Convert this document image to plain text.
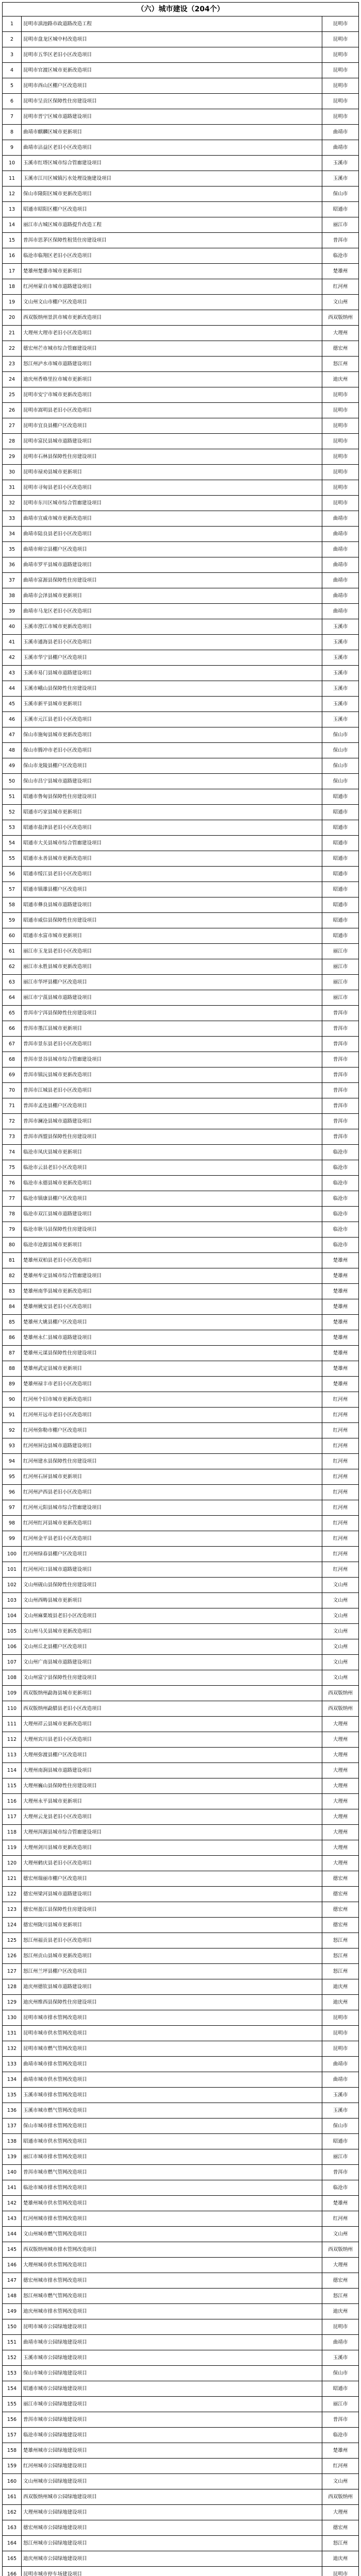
（六）城市建设（204个）
1	昆明市滇池路市政道路改造工程	昆明市
2	昆明市盘龙区城中村改造项目	昆明市
3	昆明市五华区老旧小区改造项目	昆明市
4	昆明市官渡区城市更新改造项目	昆明市
5	昆明市西山区棚户区改造项目	昆明市
6	昆明市呈贡区保障性住房建设项目	昆明市
7	昆明市晋宁区城市道路建设项目	昆明市
8	曲靖市麒麟区城市更新项目	曲靖市
9	曲靖市沾益区老旧小区改造项目	曲靖市
10	玉溪市红塔区城市综合管廊建设项目	玉溪市
11	玉溪市江川区城镇污水处理设施建设项目	玉溪市
12	保山市隆阳区城市更新改造项目	保山市
13	昭通市昭阳区棚户区改造项目	昭通市
14	丽江市古城区城市道路提升改造工程	丽江市
15	普洱市思茅区保障性租赁住房建设项目	普洱市
16	临沧市临翔区老旧小区改造项目	临沧市
17	楚雄州楚雄市城市更新项目	楚雄州
18	红河州蒙自市城市道路建设项目	红河州
19	文山州文山市棚户区改造项目	文山州
20	西双版纳州景洪市城市更新改造项目	西双版纳州
21	大理州大理市老旧小区改造项目	大理州
22	德宏州芒市城市综合管廊建设项目	德宏州
23	怒江州泸水市城市道路建设项目	怒江州
24	迪庆州香格里拉市城市更新项目	迪庆州
25	昆明市安宁市城市更新改造项目	昆明市
26	昆明市嵩明县老旧小区改造项目	昆明市
27	昆明市宜良县棚户区改造项目	昆明市
28	昆明市富民县城市道路建设项目	昆明市
29	昆明市石林县保障性住房建设项目	昆明市
30	昆明市禄劝县城市更新项目	昆明市
31	昆明市寻甸县老旧小区改造项目	昆明市
32	昆明市东川区城市综合管廊建设项目	昆明市
33	曲靖市宣威市城市更新改造项目	曲靖市
34	曲靖市陆良县老旧小区改造项目	曲靖市
35	曲靖市师宗县棚户区改造项目	曲靖市
36	曲靖市罗平县城市道路建设项目	曲靖市
37	曲靖市富源县保障性住房建设项目	曲靖市
38	曲靖市会泽县城市更新项目	曲靖市
39	曲靖市马龙区老旧小区改造项目	曲靖市
40	玉溪市澄江市城市更新改造项目	玉溪市
41	玉溪市通海县老旧小区改造项目	玉溪市
42	玉溪市华宁县棚户区改造项目	玉溪市
43	玉溪市易门县城市道路建设项目	玉溪市
44	玉溪市峨山县保障性住房建设项目	玉溪市
45	玉溪市新平县城市更新项目	玉溪市
46	玉溪市元江县老旧小区改造项目	玉溪市
47	保山市施甸县城市更新改造项目	保山市
48	保山市腾冲市老旧小区改造项目	保山市
49	保山市龙陵县棚户区改造项目	保山市
50	保山市昌宁县城市道路建设项目	保山市
51	昭通市鲁甸县保障性住房建设项目	昭通市
52	昭通市巧家县城市更新项目	昭通市
53	昭通市盐津县老旧小区改造项目	昭通市
54	昭通市大关县城市综合管廊建设项目	昭通市
55	昭通市永善县城市更新改造项目	昭通市
56	昭通市绥江县老旧小区改造项目	昭通市
57	昭通市镇雄县棚户区改造项目	昭通市
58	昭通市彝良县城市道路建设项目	昭通市
59	昭通市威信县保障性住房建设项目	昭通市
60	昭通市水富市城市更新项目	昭通市
61	丽江市玉龙县老旧小区改造项目	丽江市
62	丽江市永胜县城市更新改造项目	丽江市
63	丽江市华坪县棚户区改造项目	丽江市
64	丽江市宁蒗县城市道路建设项目	丽江市
65	普洱市宁洱县保障性住房建设项目	普洱市
66	普洱市墨江县城市更新项目	普洱市
67	普洱市景东县老旧小区改造项目	普洱市
68	普洱市景谷县城市综合管廊建设项目	普洱市
69	普洱市镇沅县城市更新改造项目	普洱市
70	普洱市江城县老旧小区改造项目	普洱市
71	普洱市孟连县棚户区改造项目	普洱市
72	普洱市澜沧县城市道路建设项目	普洱市
73	普洱市西盟县保障性住房建设项目	普洱市
74	临沧市凤庆县城市更新项目	临沧市
75	临沧市云县老旧小区改造项目	临沧市
76	临沧市永德县城市更新改造项目	临沧市
77	临沧市镇康县棚户区改造项目	临沧市
78	临沧市双江县城市道路建设项目	临沧市
79	临沧市耿马县保障性住房建设项目	临沧市
80	临沧市沧源县城市更新项目	临沧市
81	楚雄州双柏县老旧小区改造项目	楚雄州
82	楚雄州牟定县城市综合管廊建设项目	楚雄州
83	楚雄州南华县城市更新改造项目	楚雄州
84	楚雄州姚安县老旧小区改造项目	楚雄州
85	楚雄州大姚县棚户区改造项目	楚雄州
86	楚雄州永仁县城市道路建设项目	楚雄州
87	楚雄州元谋县保障性住房建设项目	楚雄州
88	楚雄州武定县城市更新项目	楚雄州
89	楚雄州禄丰市老旧小区改造项目	楚雄州
90	红河州个旧市城市更新改造项目	红河州
91	红河州开远市老旧小区改造项目	红河州
92	红河州弥勒市棚户区改造项目	红河州
93	红河州屏边县城市道路建设项目	红河州
94	红河州建水县保障性住房建设项目	红河州
95	红河州石屏县城市更新项目	红河州
96	红河州泸西县老旧小区改造项目	红河州
97	红河州元阳县城市综合管廊建设项目	红河州
98	红河州红河县城市更新改造项目	红河州
99	红河州金平县老旧小区改造项目	红河州
100	红河州绿春县棚户区改造项目	红河州
101	红河州河口县城市道路建设项目	红河州
102	文山州砚山县保障性住房建设项目	文山州
103	文山州西畴县城市更新项目	文山州
104	文山州麻栗坡县老旧小区改造项目	文山州
105	文山州马关县城市更新改造项目	文山州
106	文山州丘北县棚户区改造项目	文山州
107	文山州广南县城市道路建设项目	文山州
108	文山州富宁县保障性住房建设项目	文山州
109	西双版纳州勐海县城市更新项目	西双版纳州
110	西双版纳州勐腊县老旧小区改造项目	西双版纳州
111	大理州祥云县城市更新改造项目	大理州
112	大理州宾川县老旧小区改造项目	大理州
113	大理州弥渡县棚户区改造项目	大理州
114	大理州南涧县城市道路建设项目	大理州
115	大理州巍山县保障性住房建设项目	大理州
116	大理州永平县城市更新项目	大理州
117	大理州云龙县老旧小区改造项目	大理州
118	大理州洱源县城市综合管廊建设项目	大理州
119	大理州剑川县城市更新改造项目	大理州
120	大理州鹤庆县老旧小区改造项目	大理州
121	德宏州瑞丽市棚户区改造项目	德宏州
122	德宏州梁河县城市道路建设项目	德宏州
123	德宏州盈江县保障性住房建设项目	德宏州
124	德宏州陇川县城市更新项目	德宏州
125	怒江州福贡县老旧小区改造项目	怒江州
126	怒江州贡山县城市更新改造项目	怒江州
127	怒江州兰坪县棚户区改造项目	怒江州
128	迪庆州德钦县城市道路建设项目	迪庆州
129	迪庆州维西县保障性住房建设项目	迪庆州
130	昆明市城市排水管网改造项目	昆明市
131	昆明市城市供水管网改造项目	昆明市
132	昆明市城市燃气管网改造项目	昆明市
133	曲靖市城市排水管网改造项目	曲靖市
134	曲靖市城市供水管网改造项目	曲靖市
135	玉溪市城市排水管网改造项目	玉溪市
136	玉溪市城市燃气管网改造项目	玉溪市
137	保山市城市排水管网改造项目	保山市
138	昭通市城市供水管网改造项目	昭通市
139	丽江市城市排水管网改造项目	丽江市
140	普洱市城市燃气管网改造项目	普洱市
141	临沧市城市排水管网改造项目	临沧市
142	楚雄州城市供水管网改造项目	楚雄州
143	红河州城市排水管网改造项目	红河州
144	文山州城市燃气管网改造项目	文山州
145	西双版纳州城市排水管网改造项目	西双版纳州
146	大理州城市供水管网改造项目	大理州
147	德宏州城市排水管网改造项目	德宏州
148	怒江州城市燃气管网改造项目	怒江州
149	迪庆州城市排水管网改造项目	迪庆州
150	昆明市城市公园绿地建设项目	昆明市
151	曲靖市城市公园绿地建设项目	曲靖市
152	玉溪市城市公园绿地建设项目	玉溪市
153	保山市城市公园绿地建设项目	保山市
154	昭通市城市公园绿地建设项目	昭通市
155	丽江市城市公园绿地建设项目	丽江市
156	普洱市城市公园绿地建设项目	普洱市
157	临沧市城市公园绿地建设项目	临沧市
158	楚雄州城市公园绿地建设项目	楚雄州
159	红河州城市公园绿地建设项目	红河州
160	文山州城市公园绿地建设项目	文山州
161	西双版纳州城市公园绿地建设项目	西双版纳州
162	大理州城市公园绿地建设项目	大理州
163	德宏州城市公园绿地建设项目	德宏州
164	怒江州城市公园绿地建设项目	怒江州
165	迪庆州城市公园绿地建设项目	迪庆州
166	昆明市城市停车场建设项目	昆明市
